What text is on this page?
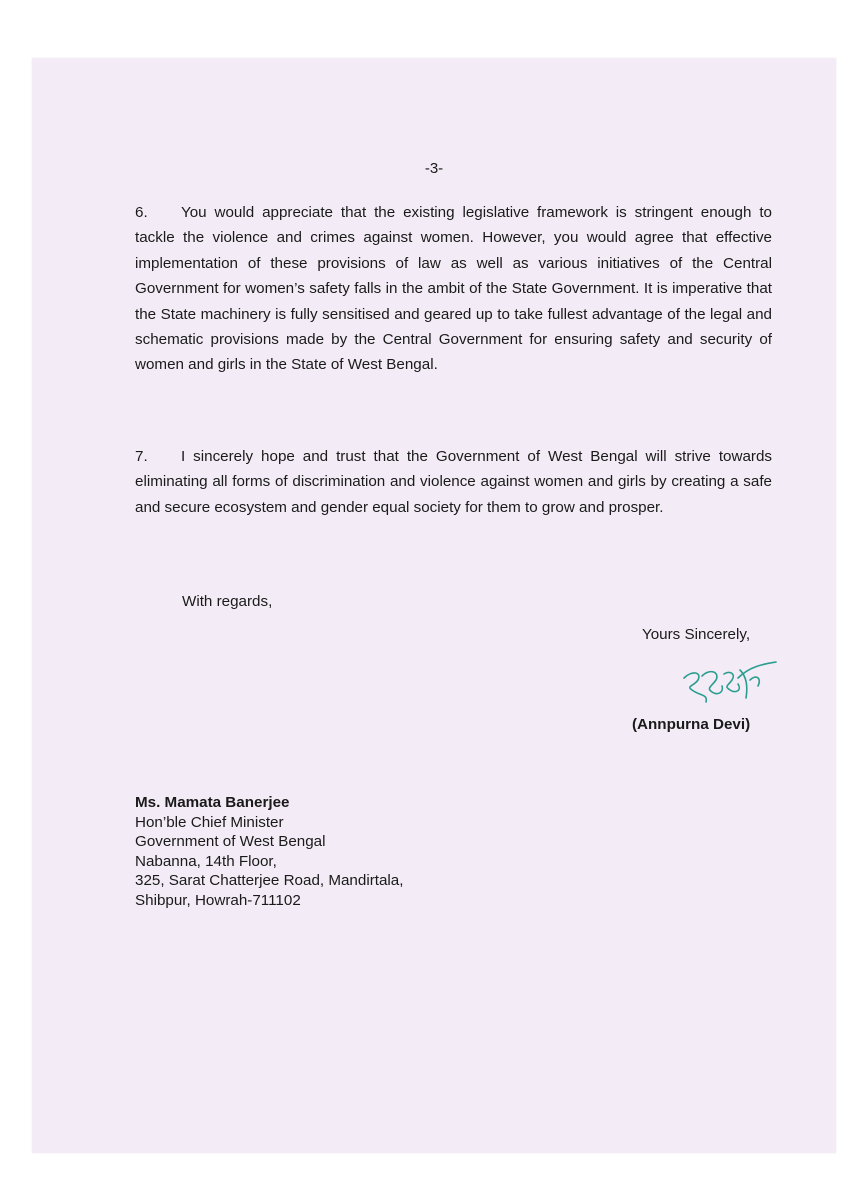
-3-

6. You would appreciate that the existing legislative framework is stringent enough to tackle the violence and crimes against women. However, you would agree that effective implementation of these provisions of law as well as various initiatives of the Central Government for women’s safety falls in the ambit of the State Government. It is imperative that the State machinery is fully sensitised and geared up to take fullest advantage of the legal and schematic provisions made by the Central Government for ensuring safety and security of women and girls in the State of West Bengal.

7. I sincerely hope and trust that the Government of West Bengal will strive towards eliminating all forms of discrimination and violence against women and girls by creating a safe and secure ecosystem and gender equal society for them to grow and prosper.

With regards,
Yours Sincerely,
(Annpurna Devi)
Ms. Mamata Banerjee
Hon’ble Chief Minister
Government of West Bengal
Nabanna, 14th Floor,
325, Sarat Chatterjee Road, Mandirtala,
Shibpur, Howrah-711102
